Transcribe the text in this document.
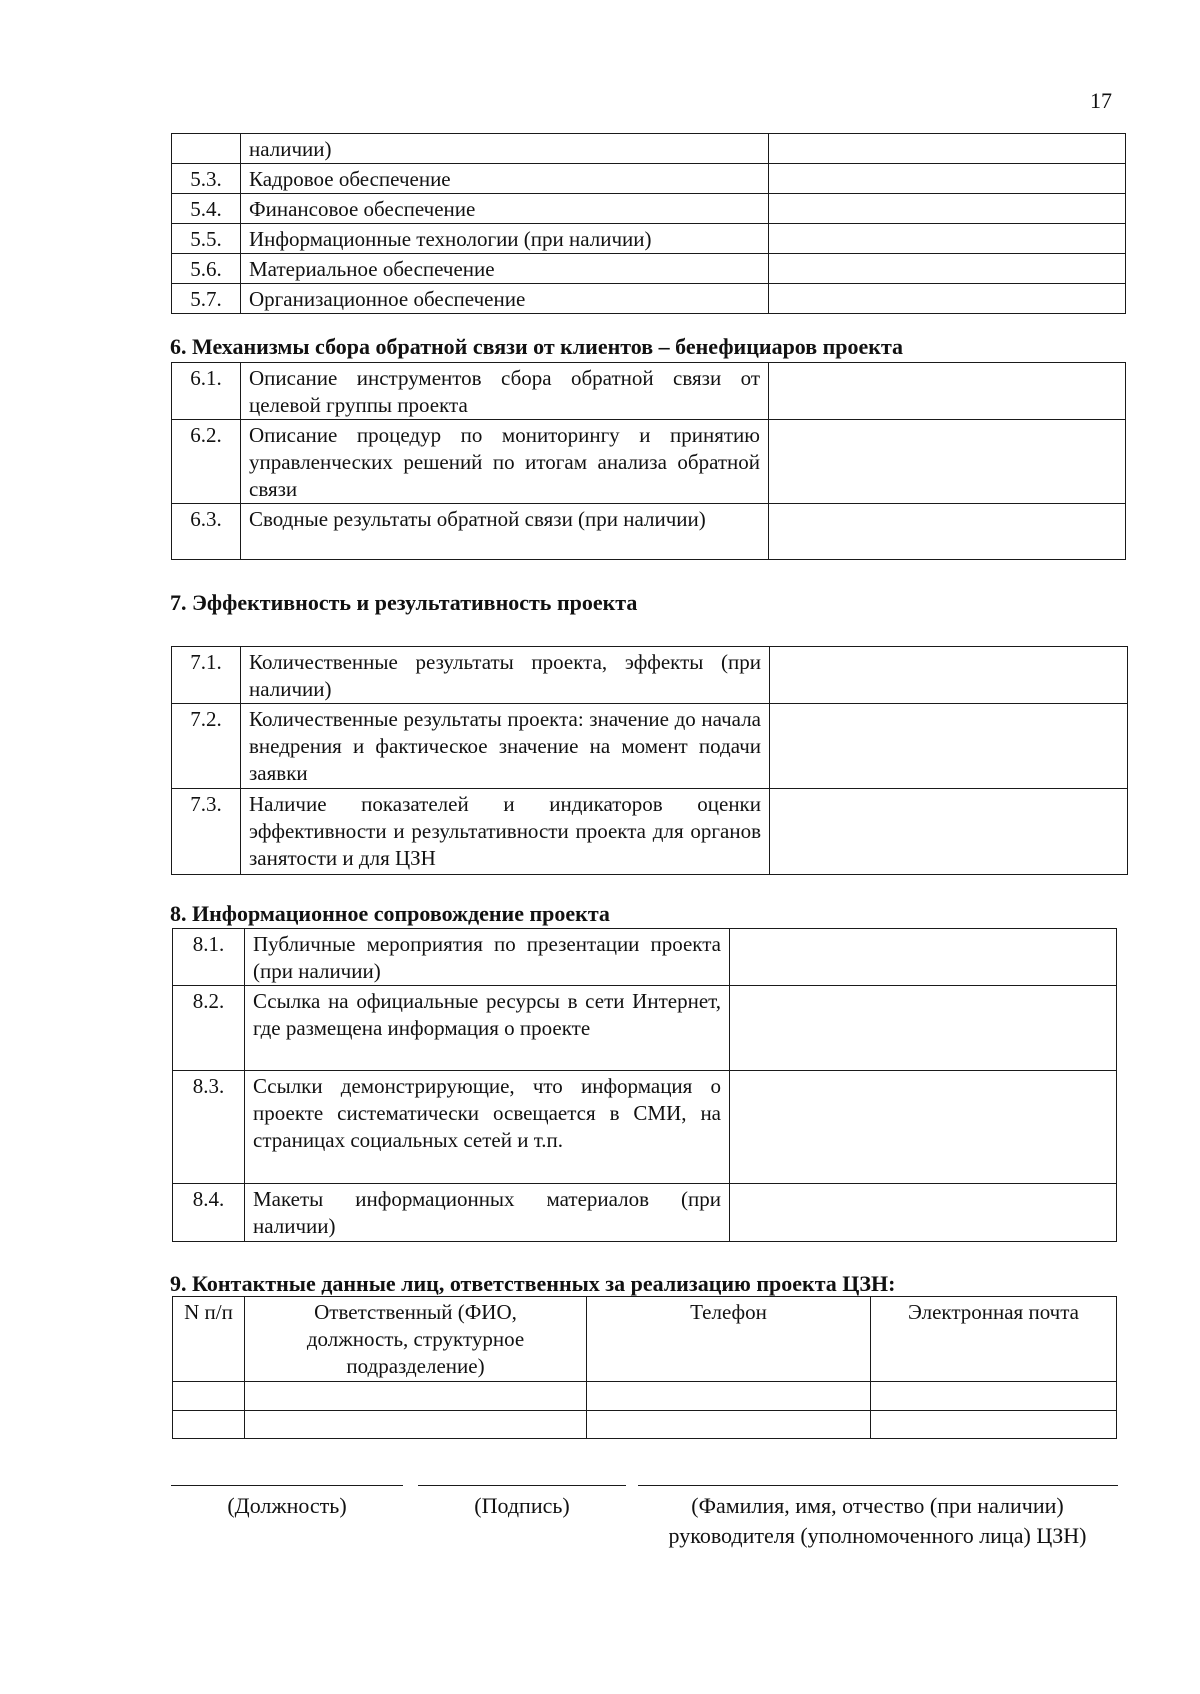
17
	наличии)	
5.3.	Кадровое обеспечение	
5.4.	Финансовое обеспечение	
5.5.	Информационные технологии (при наличии)	
5.6.	Материальное обеспечение	
5.7.	Организационное обеспечение	
6. Механизмы сбора обратной связи от клиентов – бенефициаров проекта
6.1.	Описание инструментов сбора обратной связи от целевой группы проекта	
6.2.	Описание процедур по мониторингу и принятию управленческих решений по итогам анализа обратной связи	
6.3.	Сводные результаты обратной связи (при наличии)	
7. Эффективность и результативность проекта
7.1.	Количественные результаты проекта, эффекты (при наличии)	
7.2.	Количественные результаты проекта: значение до начала внедрения и фактическое значение на момент подачи заявки	
7.3.	Наличие показателей и индикаторов оценки эффективности и результативности проекта для органов занятости и для ЦЗН	
8. Информационное сопровождение проекта
8.1.	Публичные мероприятия по презентации проекта (при наличии)	
8.2.	Ссылка на официальные ресурсы в сети Интернет, где размещена информация о проекте	
8.3.	Ссылки демонстрирующие, что информация о проекте систематически освещается в СМИ, на страницах социальных сетей и т.п.	
8.4.	Макеты информационных материалов (при наличии)	
9. Контактные данные лиц, ответственных за реализацию проекта ЦЗН:
N п/п	Ответственный (ФИО, должность, структурное подразделение)	Телефон	Электронная почта

(Должность)	(Подпись)	(Фамилия, имя, отчество (при наличии) руководителя (уполномоченного лица) ЦЗН)
